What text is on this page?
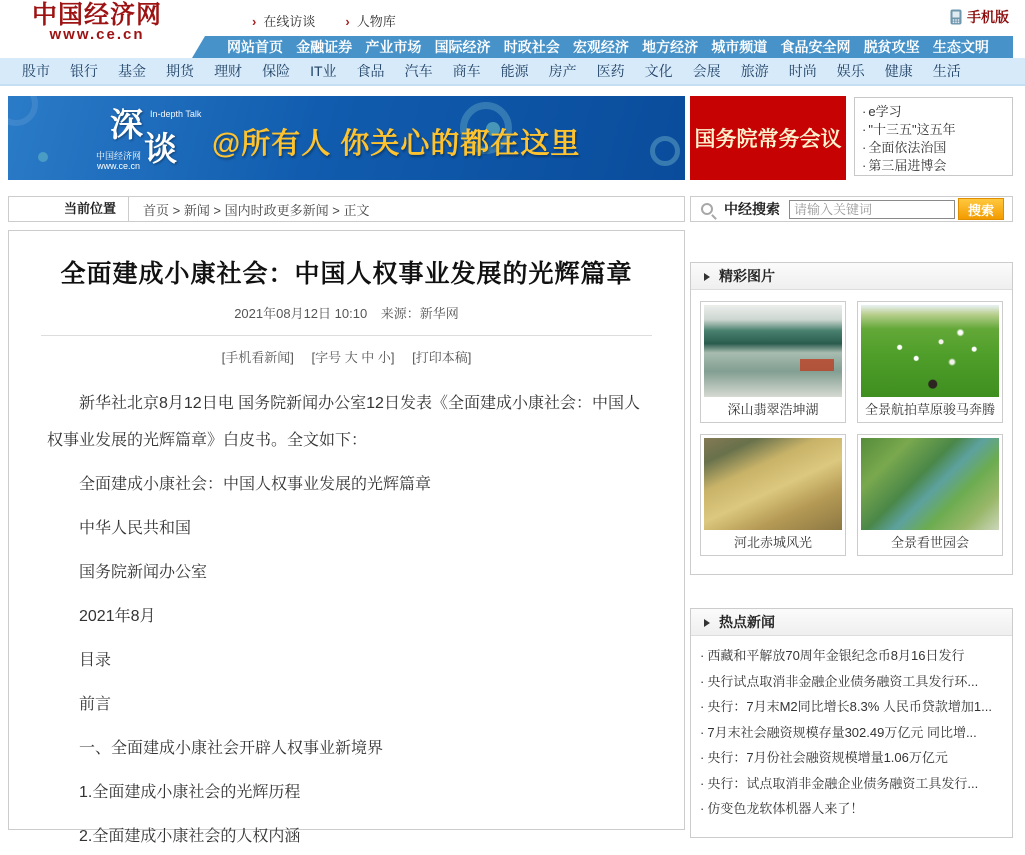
中国经济网
www.ce.cn
› 在线访谈	› 人物库	手机版
网站首页 金融证券 产业市场 国际经济 时政社会 宏观经济 地方经济 城市频道 食品安全网 脱贫攻坚 生态文明
股市 银行 基金 期货 理财 保险 IT业 食品 汽车 商车 能源 房产 医药 文化 会展 旅游 时尚 娱乐 健康 生活
深 In-depth Talk
谈
中国经济网
www.ce.cn
@所有人 你关心的都在这里	国务院常务会议
· e学习
· "十三五"这五年
· 全面依法治国
· 第三届进博会
当前位置	首页 > 新闻 > 国内时政更多新闻 > 正文	中经搜索
请输入关键词	搜索
全面建成小康社会：中国人权事业发展的光辉篇章
2021年08月12日 10:10 来源：新华网
[手机看新闻] [字号 大 中 小] [打印本稿]

新华社北京8月12日电 国务院新闻办公室12日发表《全面建成小康社会：中国人权事业发展的光辉篇章》白皮书。全文如下：

全面建成小康社会：中国人权事业发展的光辉篇章

中华人民共和国

国务院新闻办公室

2021年8月

目录

前言

一、全面建成小康社会开辟人权事业新境界

1.全面建成小康社会的光辉历程

2.全面建成小康社会的人权内涵

精彩图片
深山翡翠浩坤湖	全景航拍草原骏马奔腾
河北赤城风光	全景看世园会
热点新闻
· 西藏和平解放70周年金银纪念币8月16日发行
· 央行试点取消非金融企业债务融资工具发行环...
· 央行：7月末M2同比增长8.3% 人民币贷款增加1...
· 7月末社会融资规模存量302.49万亿元 同比增...
· 央行：7月份社会融资规模增量1.06万亿元
· 央行：试点取消非金融企业债务融资工具发行...
· 仿变色龙软体机器人来了！
